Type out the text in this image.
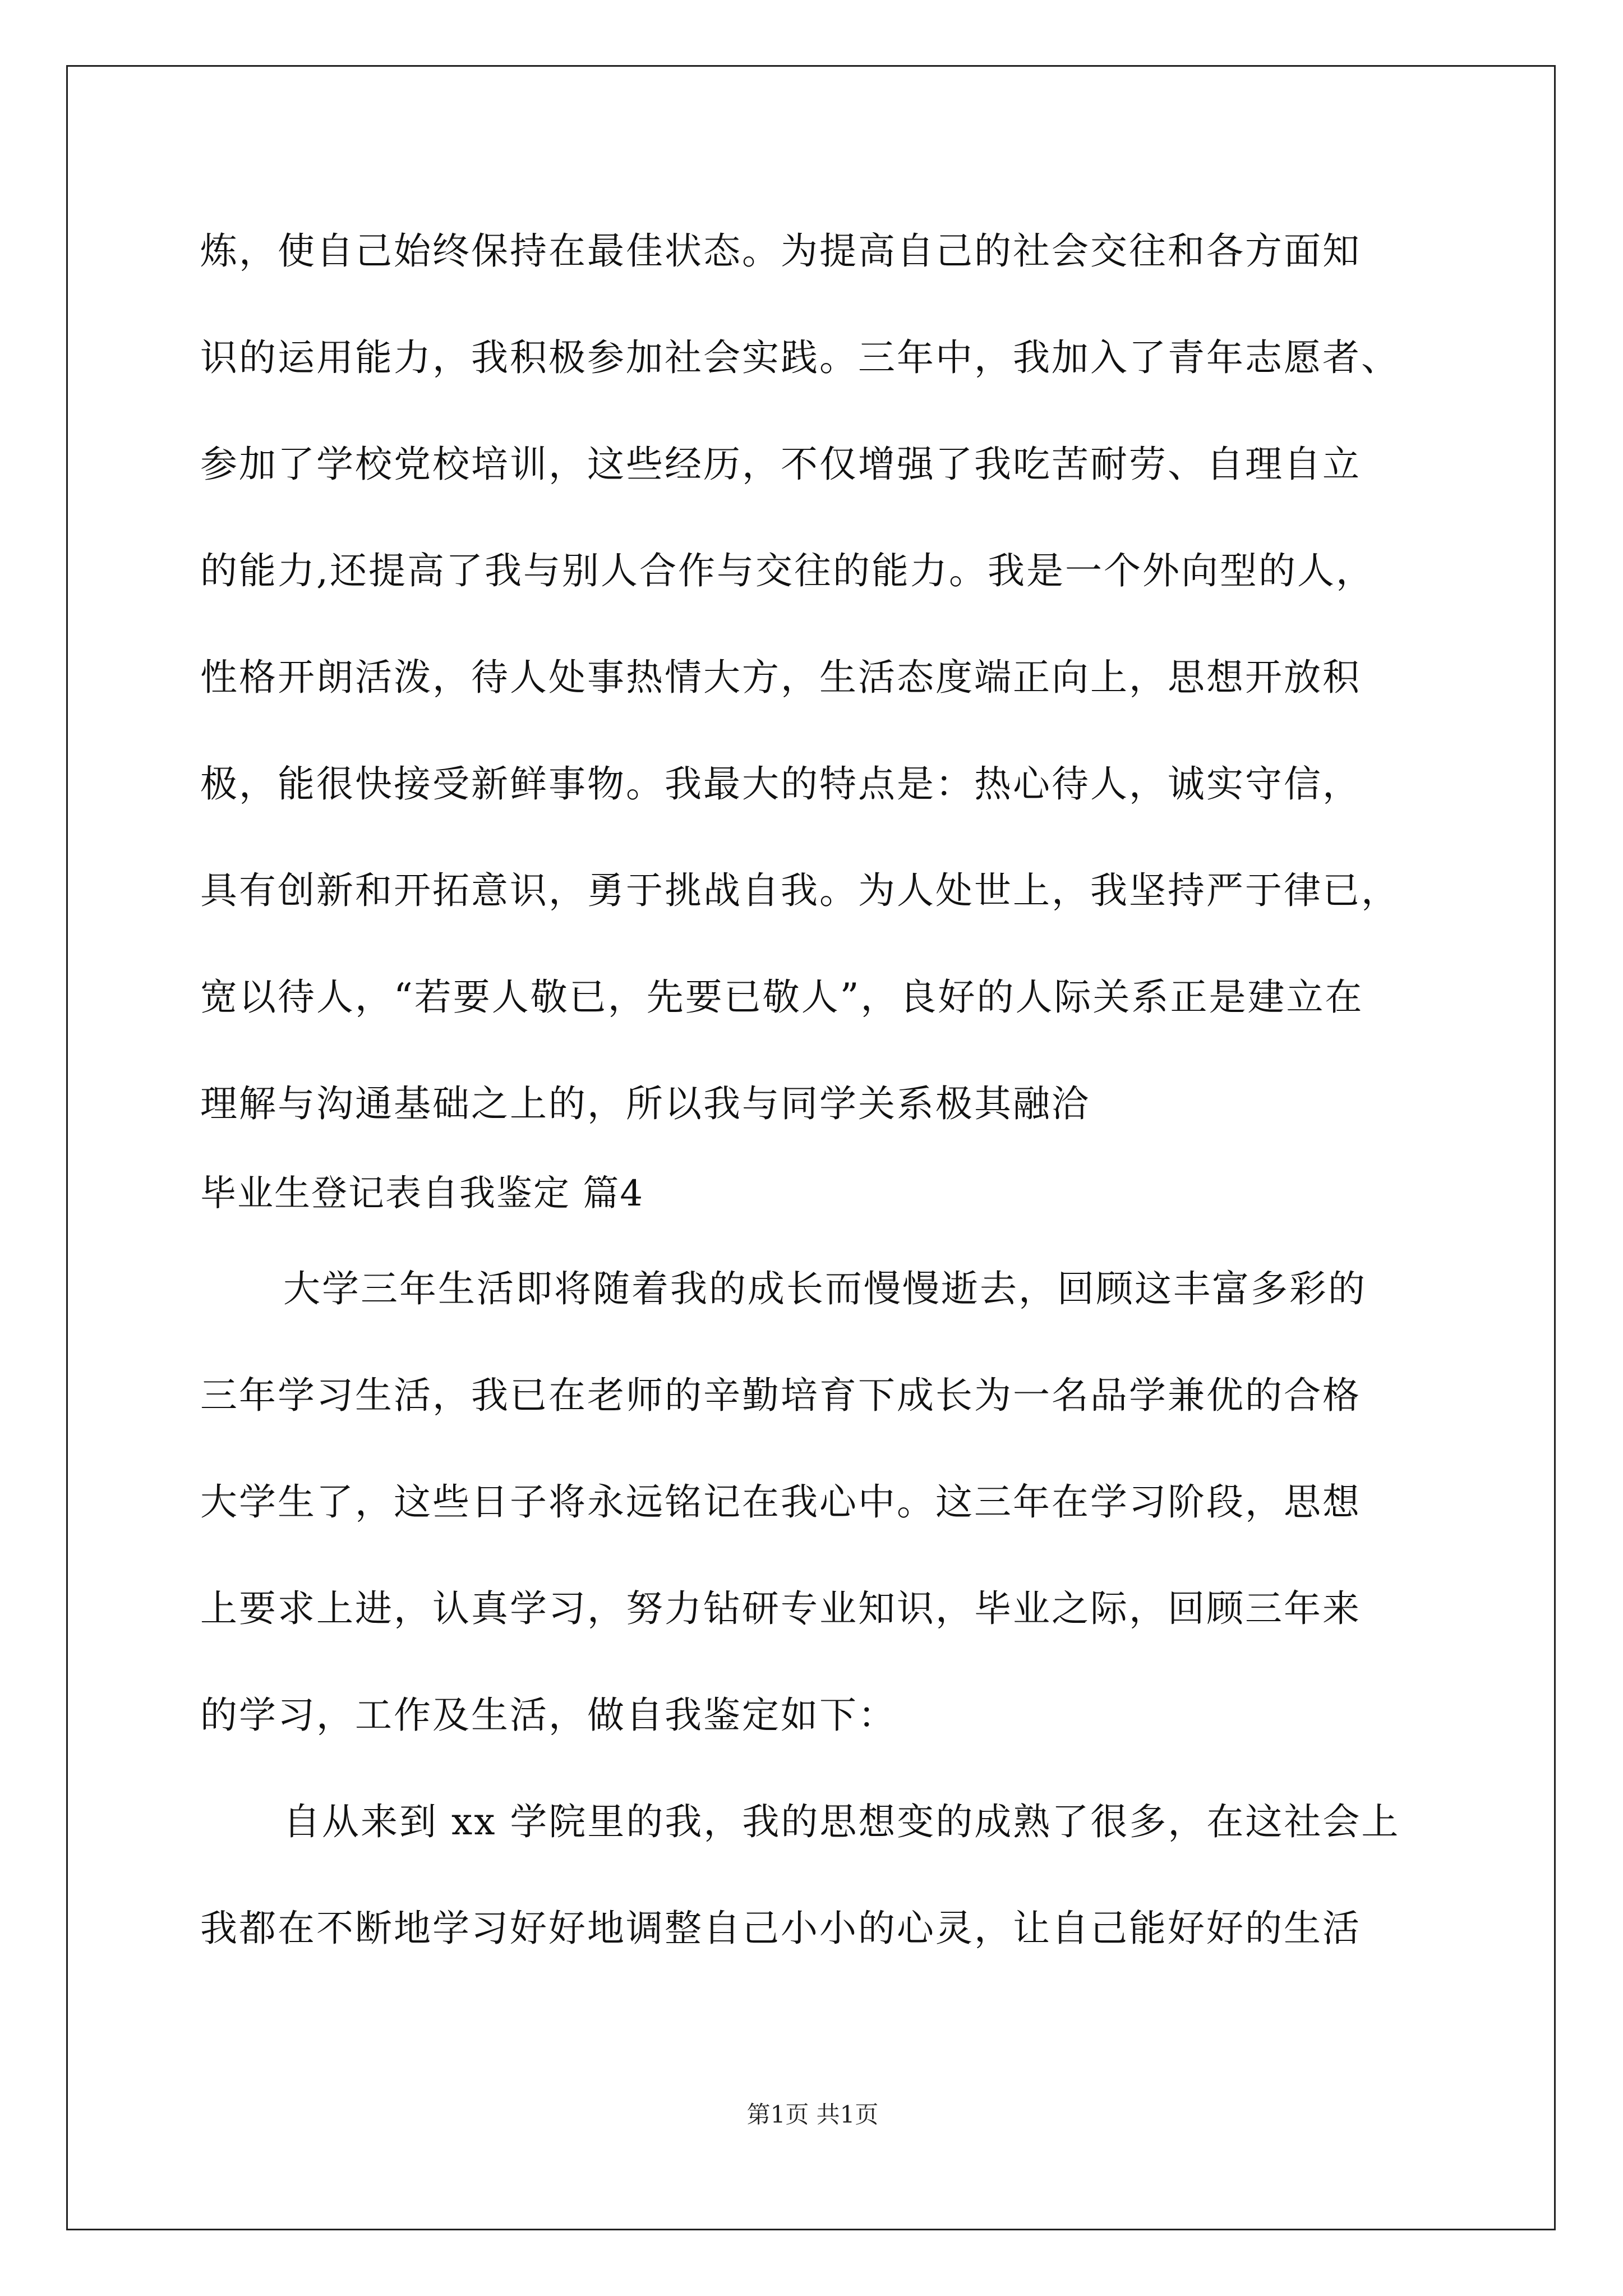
炼，使自己始终保持在最佳状态。为提高自己的社会交往和各方面知
识的运用能力，我积极参加社会实践。三年中，我加入了青年志愿者、
参加了学校党校培训，这些经历，不仅增强了我吃苦耐劳、自理自立
的能力,还提高了我与别人合作与交往的能力。我是一个外向型的人，
性格开朗活泼，待人处事热情大方，生活态度端正向上，思想开放积
极，能很快接受新鲜事物。我最大的特点是：热心待人，诚实守信，
具有创新和开拓意识，勇于挑战自我。为人处世上，我坚持严于律已，
宽以待人，“若要人敬已，先要已敬人”，良好的人际关系正是建立在
理解与沟通基础之上的，所以我与同学关系极其融洽
毕业生登记表自我鉴定 篇4
大学三年生活即将随着我的成长而慢慢逝去，回顾这丰富多彩的
三年学习生活，我已在老师的辛勤培育下成长为一名品学兼优的合格
大学生了，这些日子将永远铭记在我心中。这三年在学习阶段，思想
上要求上进，认真学习，努力钻研专业知识，毕业之际，回顾三年来
的学习，工作及生活，做自我鉴定如下：
自从来到 xx 学院里的我，我的思想变的成熟了很多，在这社会上
我都在不断地学习好好地调整自己小小的心灵，让自己能好好的生活
第1页 共1页
